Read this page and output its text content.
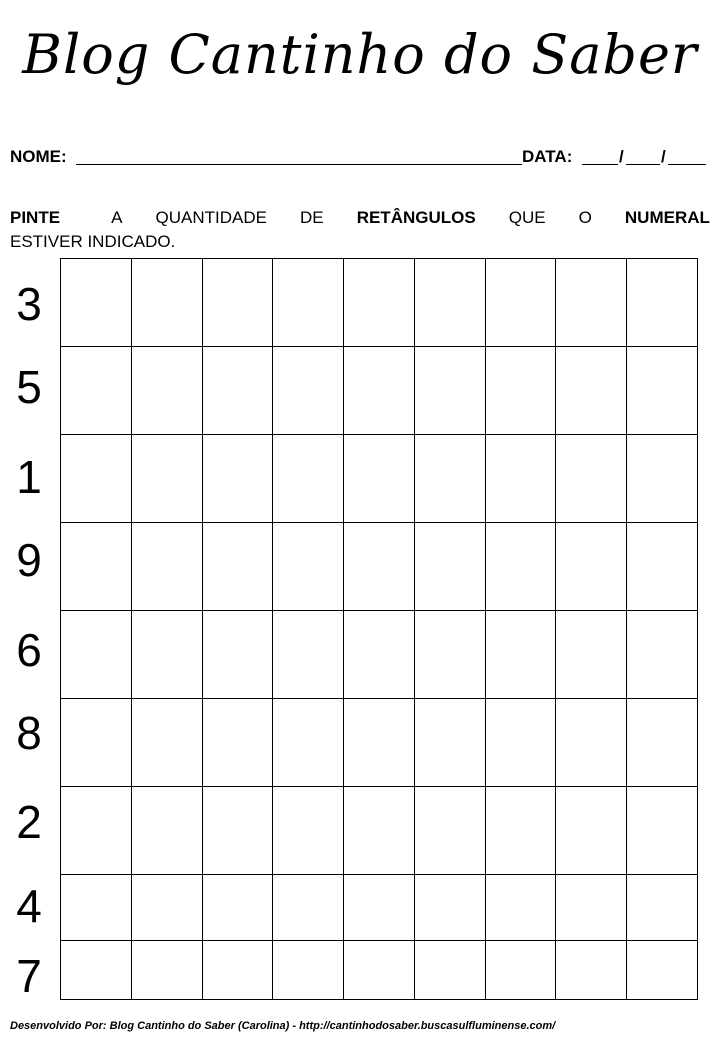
Blog Cantinho do Saber
NOME:	DATA:	/ /
PINTE	A QUANTIDADE DE RETÂNGULOS QUE O NUMERAL
ESTIVER INDICADO.
3
5
1
9
6
8
2
4
7
Desenvolvido Por: Blog Cantinho do Saber (Carolina) - http://cantinhodosaber.buscasulfluminense.com/
